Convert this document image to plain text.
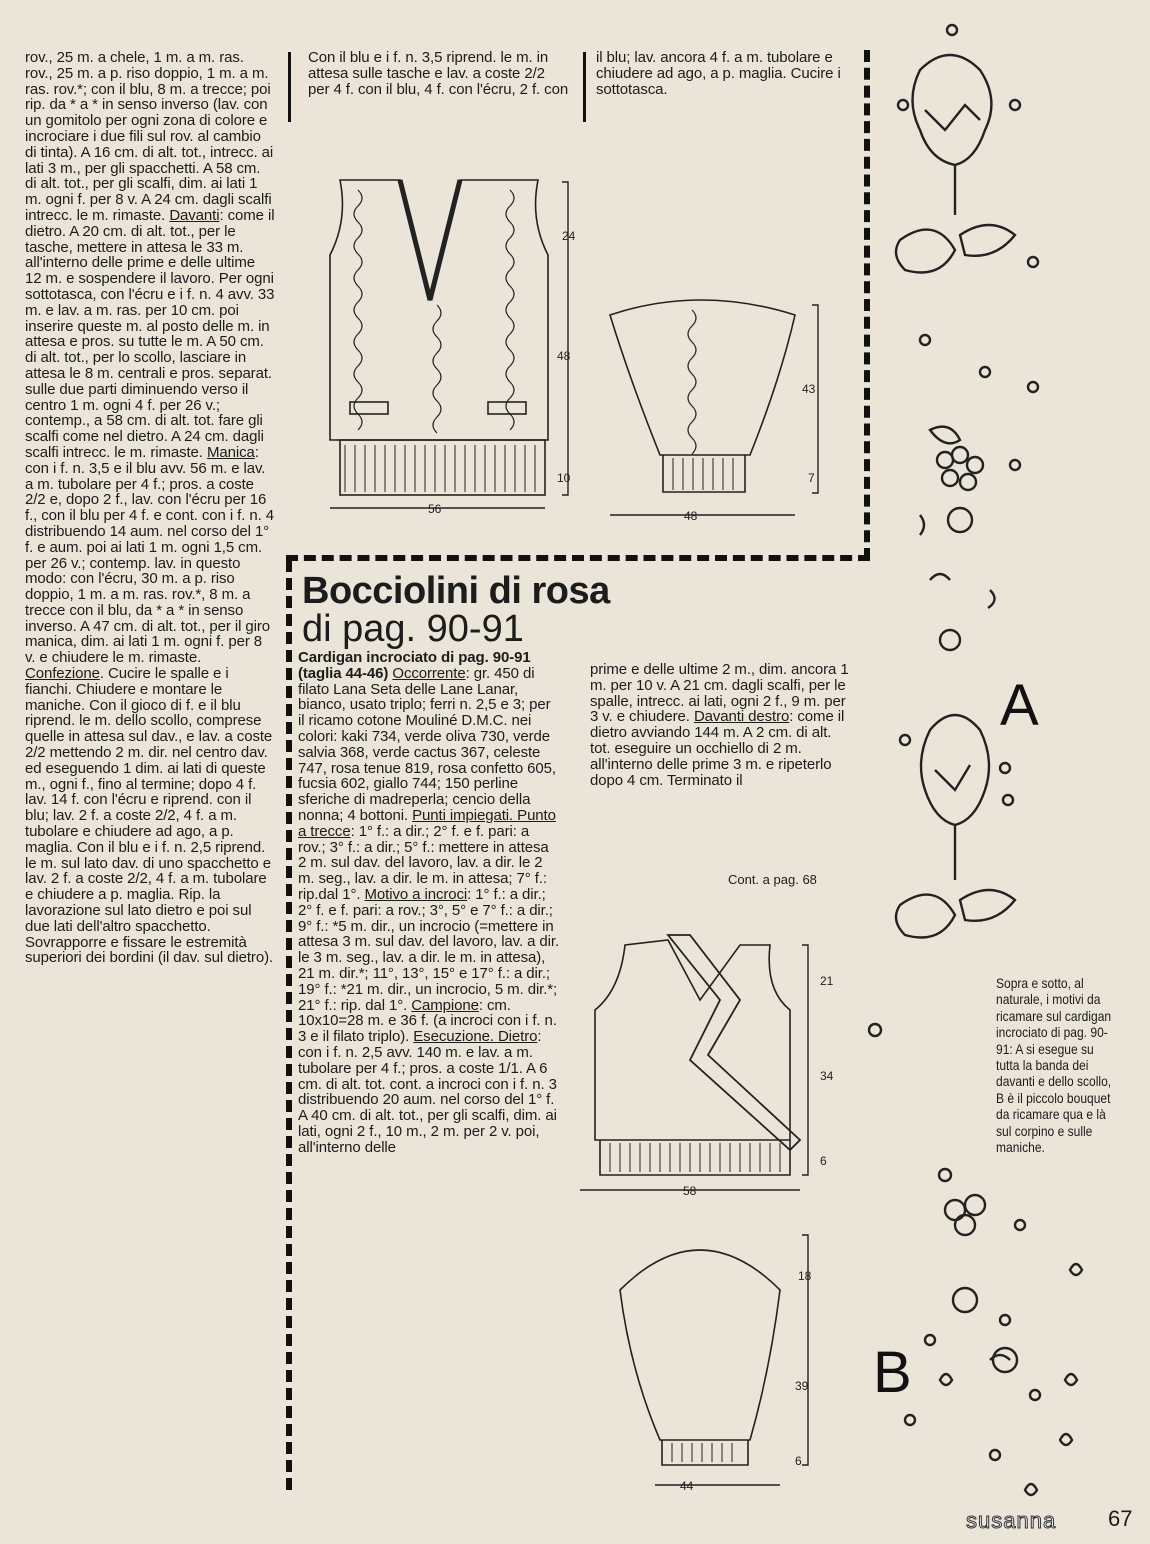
rov., 25 m. a chele, 1 m. a m. ras. rov., 25 m. a p. riso doppio, 1 m. a m. ras. rov.*; con il blu, 8 m. a trecce; poi rip. da * a * in senso inverso (lav. con un gomitolo per ogni zona di colore e incrociare i due fili sul rov. al cambio di tinta). A 16 cm. di alt. tot., intrecc. ai lati 3 m., per gli spacchetti. A 58 cm. di alt. tot., per gli scalfi, dim. ai lati 1 m. ogni f. per 8 v. A 24 cm. dagli scalfi intrecc. le m. rimaste. Davanti: come il dietro. A 20 cm. di alt. tot., per le tasche, mettere in attesa le 33 m. all'interno delle prime e delle ultime 12 m. e sospendere il lavoro. Per ogni sottotasca, con l'écru e i f. n. 4 avv. 33 m. e lav. a m. ras. per 10 cm. poi inserire queste m. al posto delle m. in attesa e pros. su tutte le m. A 50 cm. di alt. tot., per lo scollo, lasciare in attesa le 8 m. centrali e pros. separat. sulle due parti diminuendo verso il centro 1 m. ogni 4 f. per 26 v.; contemp., a 58 cm. di alt. tot. fare gli scalfi come nel dietro. A 24 cm. dagli scalfi intrecc. le m. rimaste. Manica: con i f. n. 3,5 e il blu avv. 56 m. e lav. a m. tubolare per 4 f.; pros. a coste 2/2 e, dopo 2 f., lav. con l'écru per 16 f., con il blu per 4 f. e cont. con i f. n. 4 distribuendo 14 aum. nel corso del 1° f. e aum. poi ai lati 1 m. ogni 1,5 cm. per 26 v.; contemp. lav. in questo modo: con l'écru, 30 m. a p. riso doppio, 1 m. a m. ras. rov.*, 8 m. a trecce con il blu, da * a * in senso inverso. A 47 cm. di alt. tot., per il giro manica, dim. ai lati 1 m. ogni f. per 8 v. e chiudere le m. rimaste. Confezione. Cucire le spalle e i fianchi. Chiudere e montare le maniche. Con il gioco di f. e il blu riprend. le m. dello scollo, comprese quelle in attesa sul dav., e lav. a coste 2/2 mettendo 2 m. dir. nel centro dav. ed eseguendo 1 dim. ai lati di queste m., ogni f., fino al termine; dopo 4 f. lav. 14 f. con l'écru e riprend. con il blu; lav. 2 f. a coste 2/2, 4 f. a m. tubolare e chiudere ad ago, a p. maglia. Con il blu e i f. n. 2,5 riprend. le m. sul lato dav. di uno spacchetto e lav. 2 f. a coste 2/2, 4 f. a m. tubolare e chiudere a p. maglia. Rip. la lavorazione sul lato dietro e poi sul due lati dell'altro spacchetto. Sovrapporre e fissare le estremità superiori dei bordini (il dav. sul dietro).

Con il blu e i f. n. 3,5 riprend. le m. in attesa sulle tasche e lav. a coste 2/2 per 4 f. con il blu, 4 f. con l'écru, 2 f. con

il blu; lav. ancora 4 f. a m. tubolare e chiudere ad ago, a p. maglia. Cucire i sottotasca.

Bocciolini di rosa
di pag. 90-91

Cardigan incrociato di pag. 90-91 (taglia 44-46) Occorrente: gr. 450 di filato Lana Seta delle Lane Lanar, bianco, usato triplo; ferri n. 2,5 e 3; per il ricamo cotone Mouliné D.M.C. nei colori: kaki 734, verde oliva 730, verde salvia 368, verde cactus 367, celeste 747, rosa tenue 819, rosa confetto 605, fucsia 602, giallo 744; 150 perline sferiche di madreperla; cencio della nonna; 4 bottoni. Punti impiegati. Punto a trecce: 1° f.: a dir.; 2° f. e f. pari: a rov.; 3° f.: a dir.; 5° f.: mettere in attesa 2 m. sul dav. del lavoro, lav. a dir. le 2 m. seg., lav. a dir. le m. in attesa; 7° f.: rip.dal 1°. Motivo a incroci: 1° f.: a dir.; 2° f. e f. pari: a rov.; 3°, 5° e 7° f.: a dir.; 9° f.: *5 m. dir., un incrocio (=mettere in attesa 3 m. sul dav. del lavoro, lav. a dir. le 3 m. seg., lav. a dir. le m. in attesa), 21 m. dir.*; 11°, 13°, 15° e 17° f.: a dir.; 19° f.: *21 m. dir., un incrocio, 5 m. dir.*; 21° f.: rip. dal 1°. Campione: cm. 10x10=28 m. e 36 f. (a incroci con i f. n. 3 e il filato triplo). Esecuzione. Dietro: con i f. n. 2,5 avv. 140 m. e lav. a m. tubolare per 4 f.; pros. a coste 1/1. A 6 cm. di alt. tot. cont. a incroci con i f. n. 3 distribuendo 20 aum. nel corso del 1° f. A 40 cm. di alt. tot., per gli scalfi, dim. ai lati, ogni 2 f., 10 m., 2 m. per 2 v. poi, all'interno delle

prime e delle ultime 2 m., dim. ancora 1 m. per 10 v. A 21 cm. dagli scalfi, per le spalle, intrecc. ai lati, ogni 2 f., 9 m. per 3 v. e chiudere. Davanti destro: come il dietro avviando 144 m. A 2 cm. di alt. tot. eseguire un occhiello di 2 m. all'interno delle prime 3 m. e ripeterlo dopo 4 cm. Terminato il

Cont. a pag. 68
Sopra e sotto, al naturale, i motivi da ricamare sul cardigan incrociato di pag. 90-91: A si esegue su tutta la banda dei davanti e dello scollo, B è il piccolo bouquet da ricamare qua e là sul corpino e sulle maniche.
24
48
10
56
43
7
48
21
34
6
58
18
39
6
44
A
B
susanna 67
